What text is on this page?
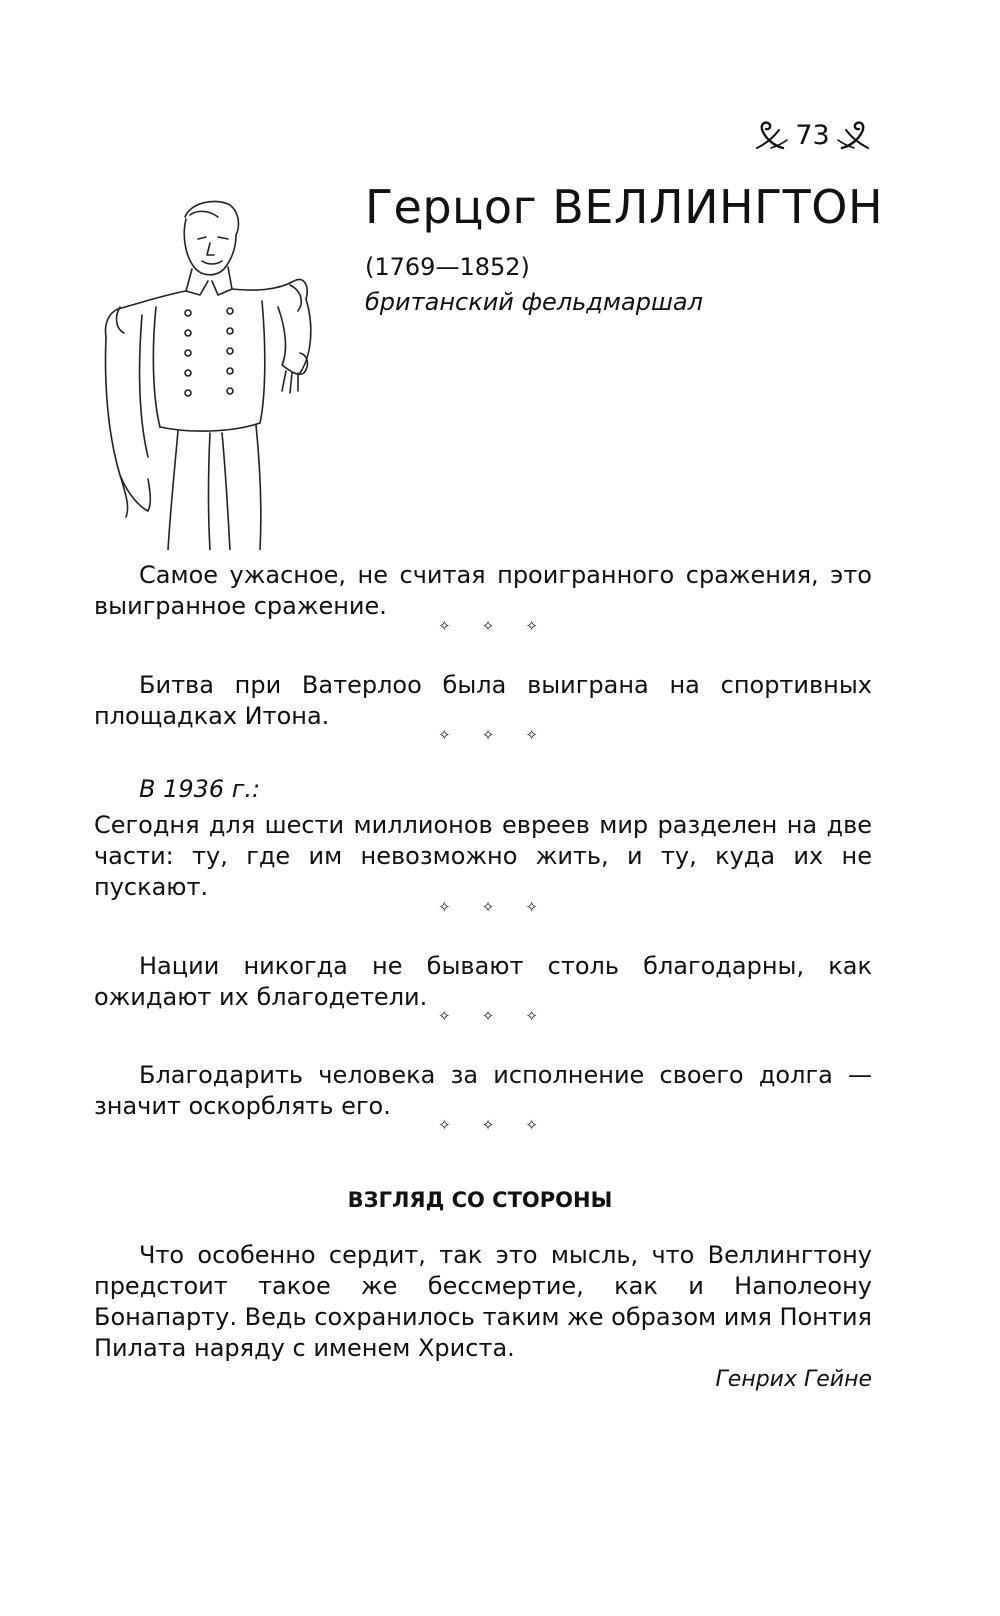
73
Герцог ВЕЛЛИНГТОН
(1769—1852)
британский фельдмаршал

Самое ужасное, не считая проигранного сражения, это выигранное сражение.

✧ ✧ ✧

Битва при Ватерлоо была выиграна на спортивных площадках Итона.

✧ ✧ ✧
В 1936 г.:

Сегодня для шести миллионов евреев мир разделен на две части: ту, где им невозможно жить, и ту, куда их не пускают.

✧ ✧ ✧

Нации никогда не бывают столь благодарны, как ожидают их благодетели.

✧ ✧ ✧

Благодарить человека за исполнение своего долга — значит оскорблять его.

✧ ✧ ✧
ВЗГЛЯД СО СТОРОНЫ

Что особенно сердит, так это мысль, что Веллингтону предстоит такое же бессмертие, как и Наполеону Бонапарту. Ведь сохранилось таким же образом имя Понтия Пилата наряду с именем Христа.

Генрих Гейне
